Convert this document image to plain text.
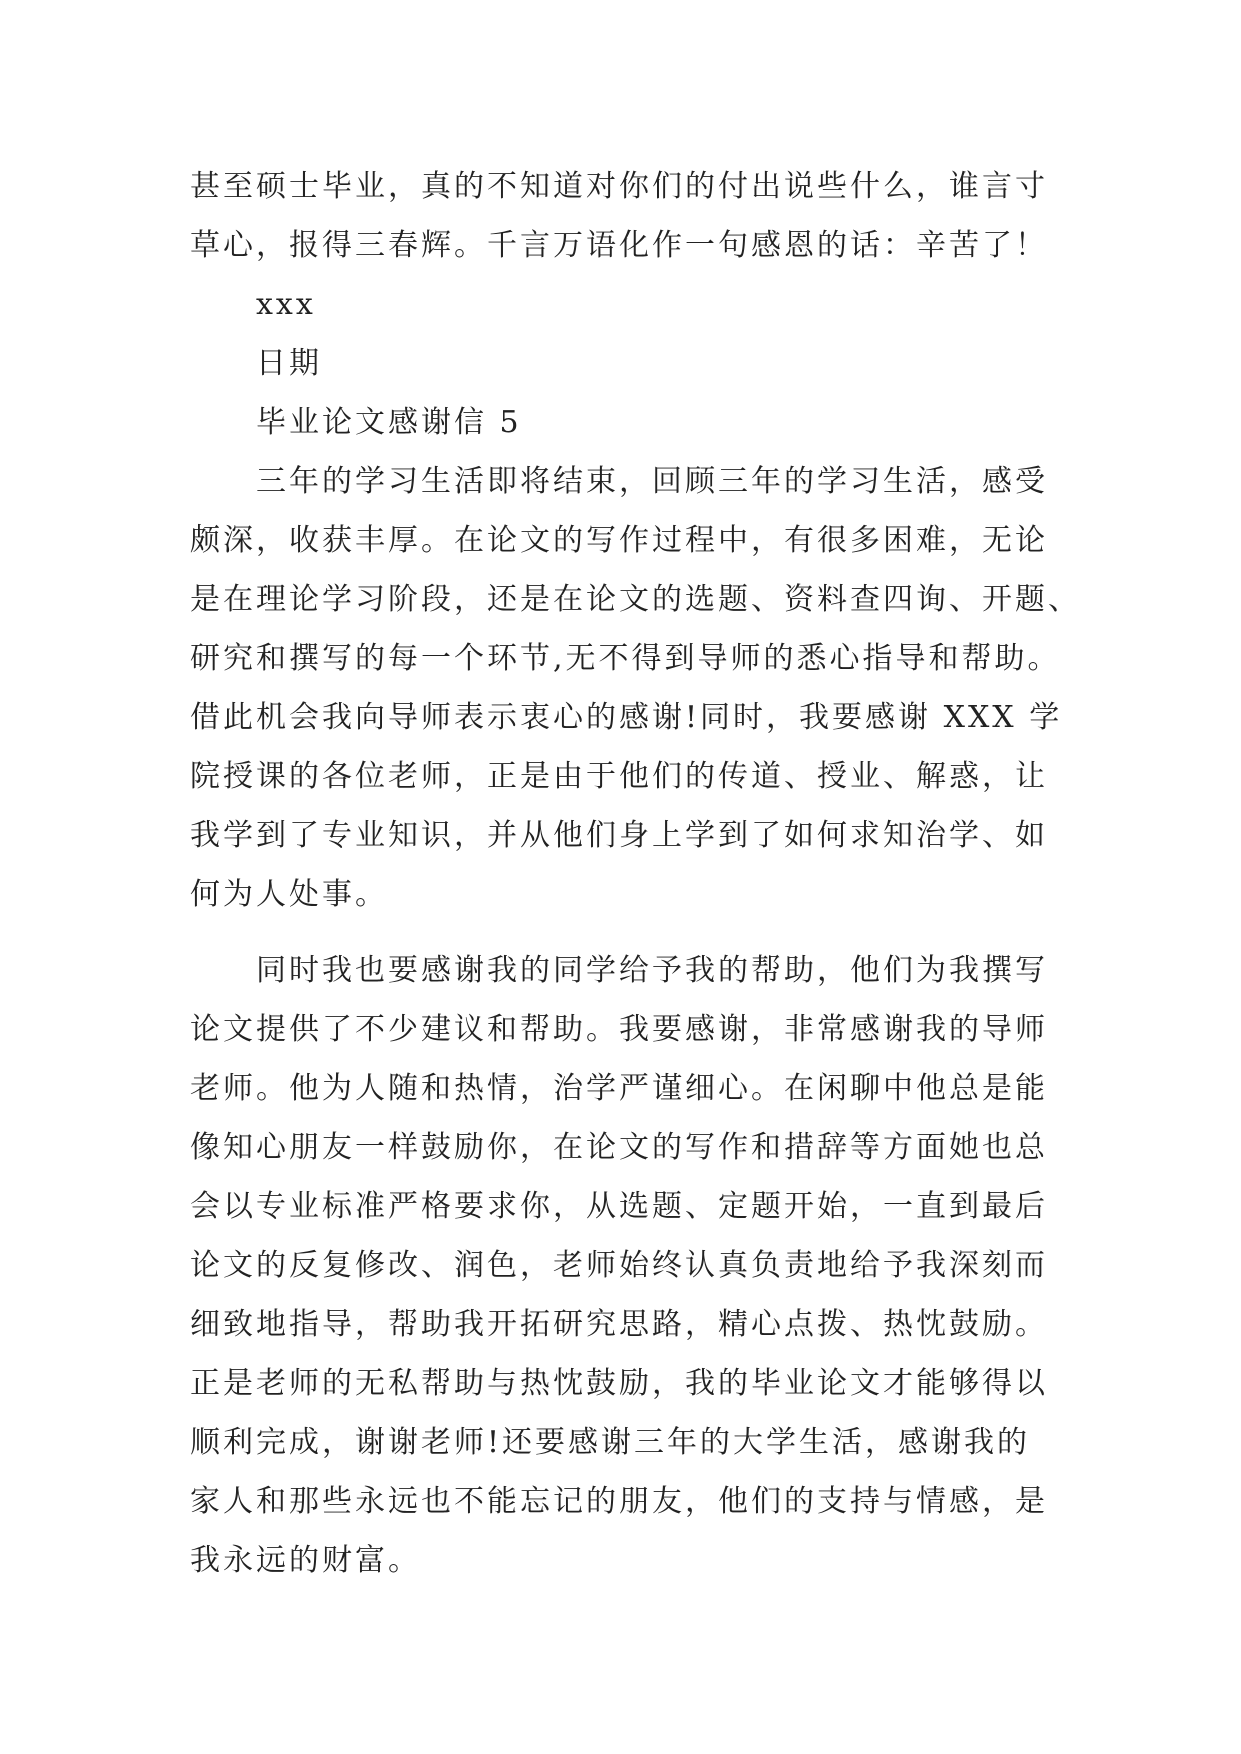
甚至硕士毕业，真的不知道对你们的付出说些什么，谁言寸
草心，报得三春辉。千言万语化作一句感恩的话：辛苦了！
xxx
日期
毕业论文感谢信 5
三年的学习生活即将结束，回顾三年的学习生活，感受
颇深，收获丰厚。在论文的写作过程中，有很多困难，无论
是在理论学习阶段，还是在论文的选题、资料查四询、开题、
研究和撰写的每一个环节,无不得到导师的悉心指导和帮助。
借此机会我向导师表示衷心的感谢!同时，我要感谢 XXX 学
院授课的各位老师，正是由于他们的传道、授业、解惑，让
我学到了专业知识，并从他们身上学到了如何求知治学、如
何为人处事。
同时我也要感谢我的同学给予我的帮助，他们为我撰写
论文提供了不少建议和帮助。我要感谢，非常感谢我的导师
老师。他为人随和热情，治学严谨细心。在闲聊中他总是能
像知心朋友一样鼓励你，在论文的写作和措辞等方面她也总
会以专业标准严格要求你，从选题、定题开始，一直到最后
论文的反复修改、润色，老师始终认真负责地给予我深刻而
细致地指导，帮助我开拓研究思路，精心点拨、热忱鼓励。
正是老师的无私帮助与热忱鼓励，我的毕业论文才能够得以
顺利完成，谢谢老师!还要感谢三年的大学生活，感谢我的
家人和那些永远也不能忘记的朋友，他们的支持与情感，是
我永远的财富。
